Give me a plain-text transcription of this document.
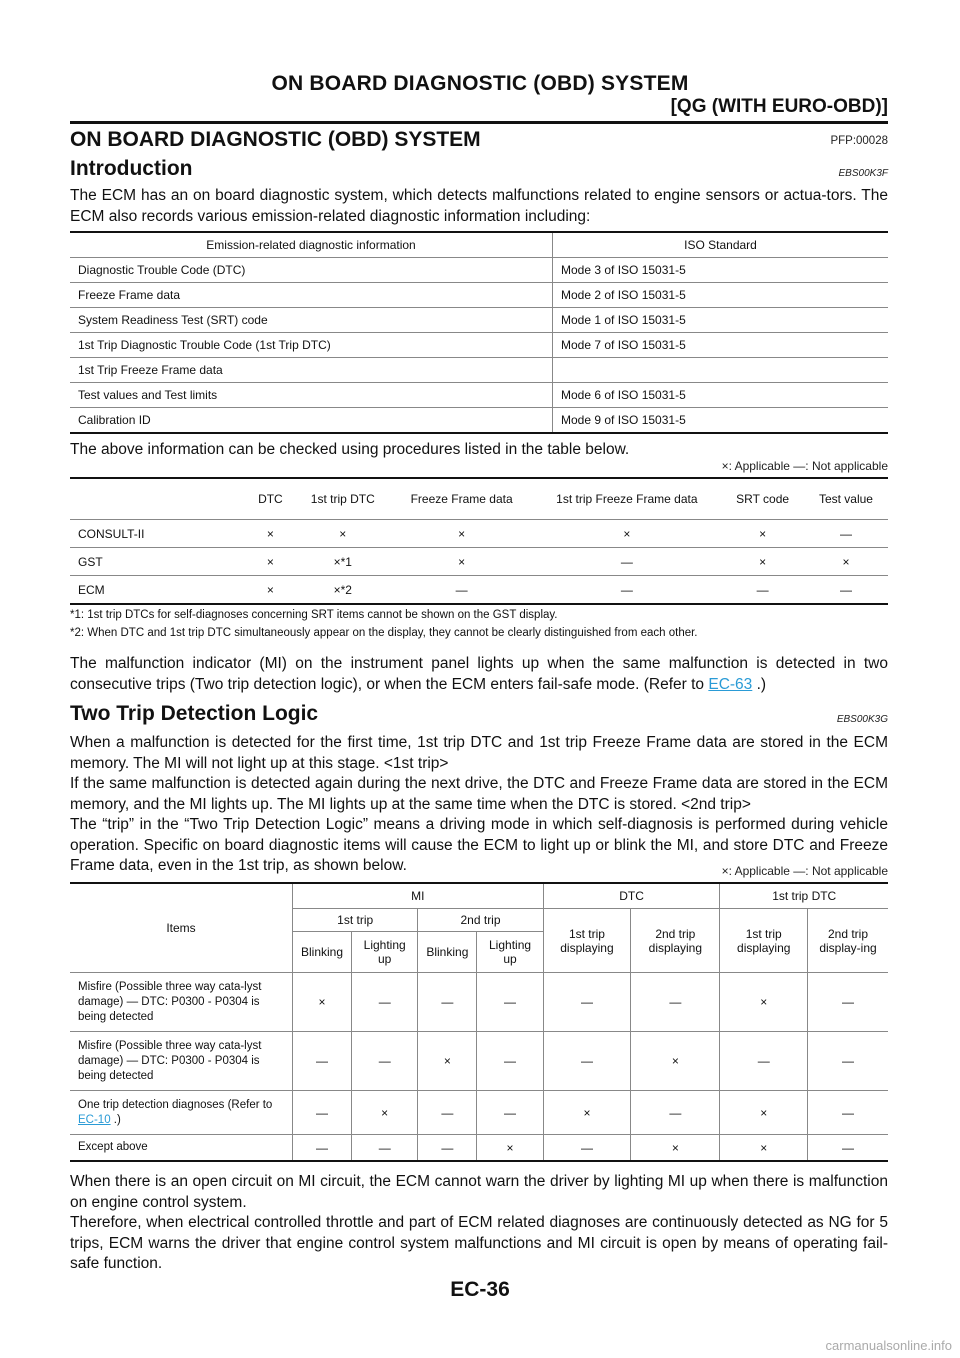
ON BOARD DIAGNOSTIC (OBD) SYSTEM
[QG (WITH EURO-OBD)]
ON BOARD DIAGNOSTIC (OBD) SYSTEM	PFP:00028
Introduction	EBS00K3F
The ECM has an on board diagnostic system, which detects malfunctions related to engine sensors or actua-tors. The ECM also records various emission-related diagnostic information including:
Emission-related diagnostic information	ISO Standard
Diagnostic Trouble Code (DTC)	Mode 3 of ISO 15031-5
Freeze Frame data	Mode 2 of ISO 15031-5
System Readiness Test (SRT) code	Mode 1 of ISO 15031-5
1st Trip Diagnostic Trouble Code (1st Trip DTC)	Mode 7 of ISO 15031-5
1st Trip Freeze Frame data	
Test values and Test limits	Mode 6 of ISO 15031-5
Calibration ID	Mode 9 of ISO 15031-5
The above information can be checked using procedures listed in the table below.
×: Applicable —: Not applicable
	DTC	1st trip DTC	Freeze Frame data	1st trip Freeze Frame data	SRT code	Test value
CONSULT-II	×	×	×	×	×	—
GST	×	×*1	×	—	×	×
ECM	×	×*2	—	—	—	—
*1: 1st trip DTCs for self-diagnoses concerning SRT items cannot be shown on the GST display.
*2: When DTC and 1st trip DTC simultaneously appear on the display, they cannot be clearly distinguished from each other.
The malfunction indicator (MI) on the instrument panel lights up when the same malfunction is detected in two consecutive trips (Two trip detection logic), or when the ECM enters fail-safe mode. (Refer to EC-63 .)
Two Trip Detection Logic	EBS00K3G
When a malfunction is detected for the first time, 1st trip DTC and 1st trip Freeze Frame data are stored in the ECM memory. The MI will not light up at this stage. <1st trip>
If the same malfunction is detected again during the next drive, the DTC and Freeze Frame data are stored in the ECM memory, and the MI lights up. The MI lights up at the same time when the DTC is stored. <2nd trip>
The “trip” in the “Two Trip Detection Logic” means a driving mode in which self-diagnosis is performed during vehicle operation. Specific on board diagnostic items will cause the ECM to light up or blink the MI, and store DTC and Freeze Frame data, even in the 1st trip, as shown below.	×: Applicable —: Not applicable
Items	MI				DTC		1st trip DTC	
	1st trip		2nd trip		1st trip displaying	2nd trip displaying	1st trip displaying	2nd trip display-ing
	Blinking	Lighting up	Blinking	Lighting up				
Misfire (Possible three way cata-lyst damage) — DTC: P0300 - P0304 is being detected	×	—	—	—	—	—	×	—
Misfire (Possible three way cata-lyst damage) — DTC: P0300 - P0304 is being detected	—	—	×	—	—	×	—	—
One trip detection diagnoses (Refer to EC-10 .)	—	×	—	—	×	—	×	—
Except above	—	—	—	×	—	×	×	—
When there is an open circuit on MI circuit, the ECM cannot warn the driver by lighting MI up when there is malfunction on engine control system.
Therefore, when electrical controlled throttle and part of ECM related diagnoses are continuously detected as NG for 5 trips, ECM warns the driver that engine control system malfunctions and MI circuit is open by means of operating fail-safe function.
EC-36
carmanualsonline.info
